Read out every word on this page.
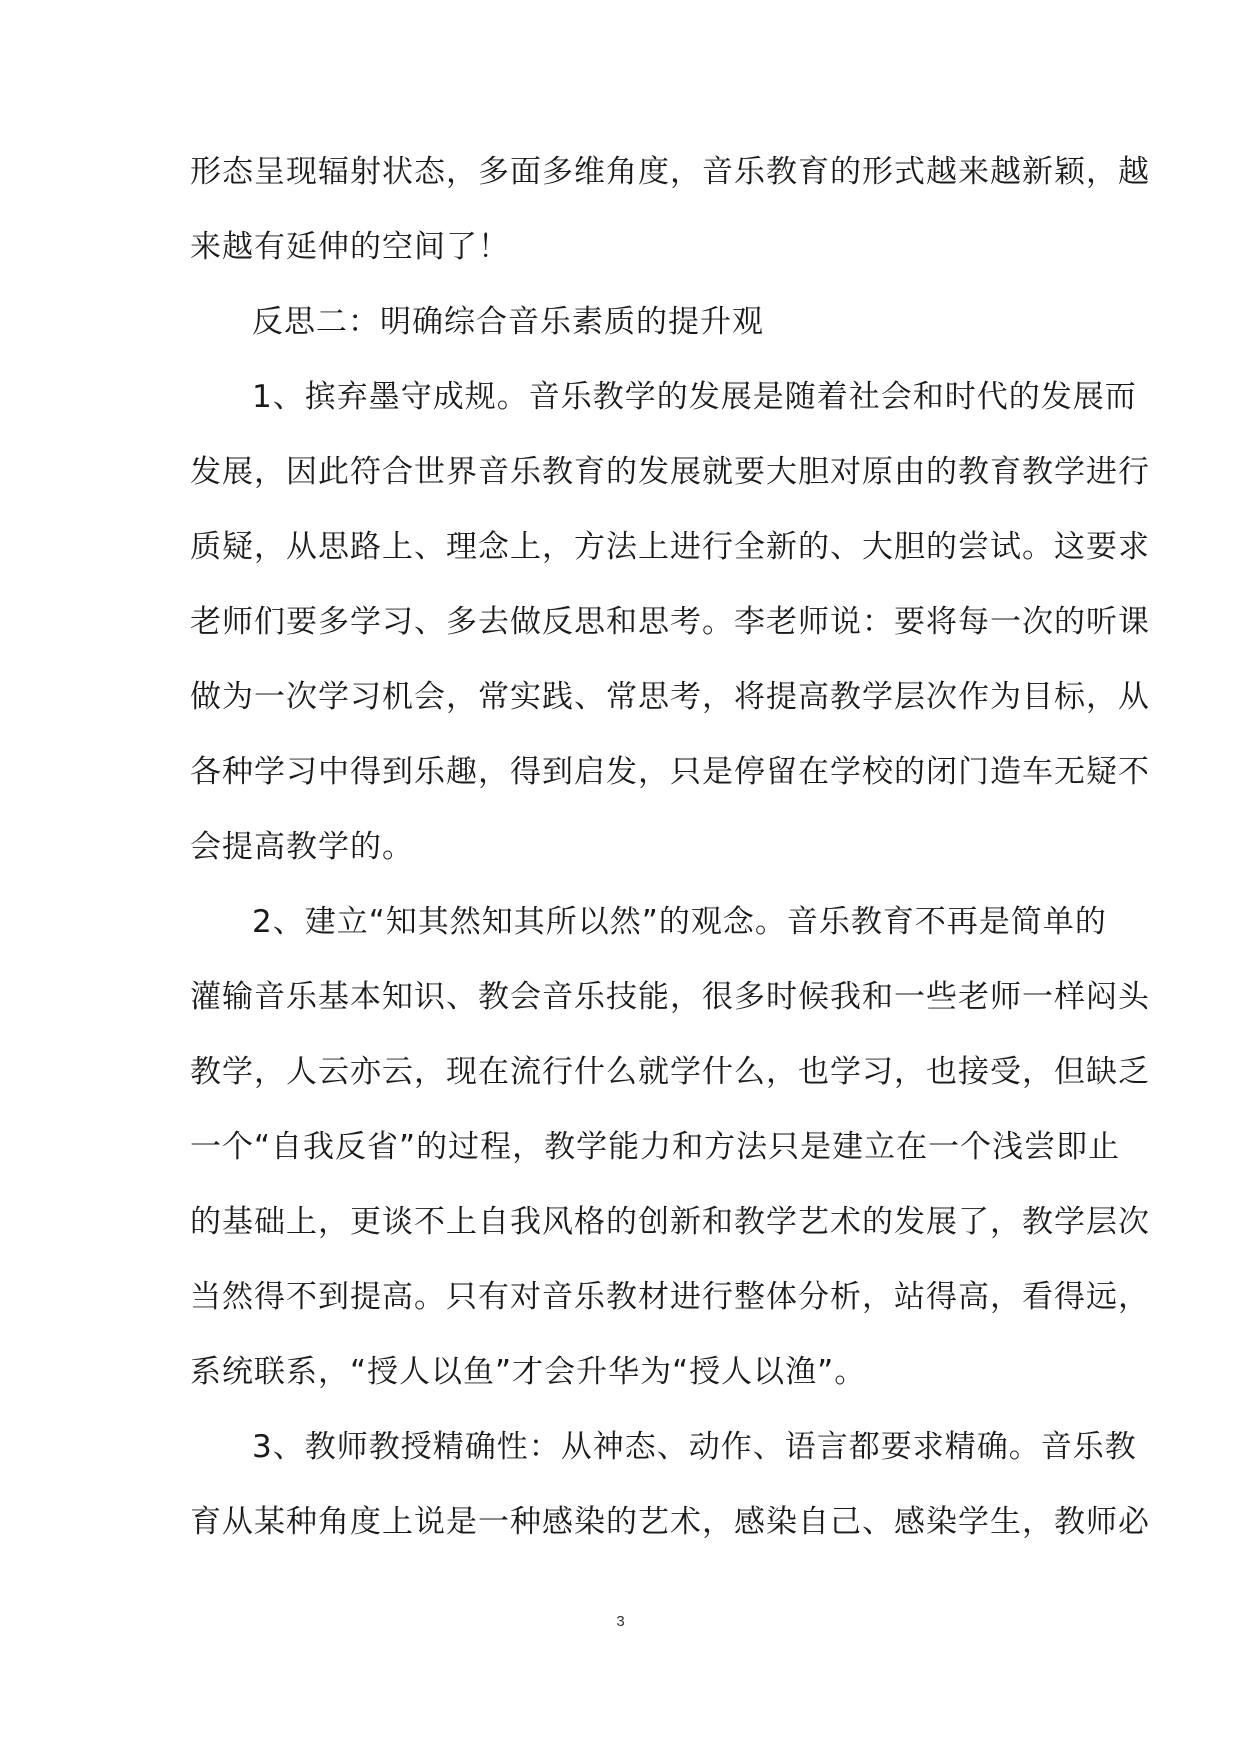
形态呈现辐射状态，多面多维角度，音乐教育的形式越来越新颖，越
来越有延伸的空间了！
反思二：明确综合音乐素质的提升观
1、摈弃墨守成规。音乐教学的发展是随着社会和时代的发展而
发展，因此符合世界音乐教育的发展就要大胆对原由的教育教学进行
质疑，从思路上、理念上，方法上进行全新的、大胆的尝试。这要求
老师们要多学习、多去做反思和思考。李老师说：要将每一次的听课
做为一次学习机会，常实践、常思考，将提高教学层次作为目标，从
各种学习中得到乐趣，得到启发，只是停留在学校的闭门造车无疑不
会提高教学的。
2、建立“知其然知其所以然”的观念。音乐教育不再是简单的
灌输音乐基本知识、教会音乐技能，很多时候我和一些老师一样闷头
教学，人云亦云，现在流行什么就学什么，也学习，也接受，但缺乏
一个“自我反省”的过程，教学能力和方法只是建立在一个浅尝即止
的基础上，更谈不上自我风格的创新和教学艺术的发展了，教学层次
当然得不到提高。只有对音乐教材进行整体分析，站得高，看得远，
系统联系，“授人以鱼”才会升华为“授人以渔”。
3、教师教授精确性：从神态、动作、语言都要求精确。音乐教
育从某种角度上说是一种感染的艺术，感染自己、感染学生，教师必
3
